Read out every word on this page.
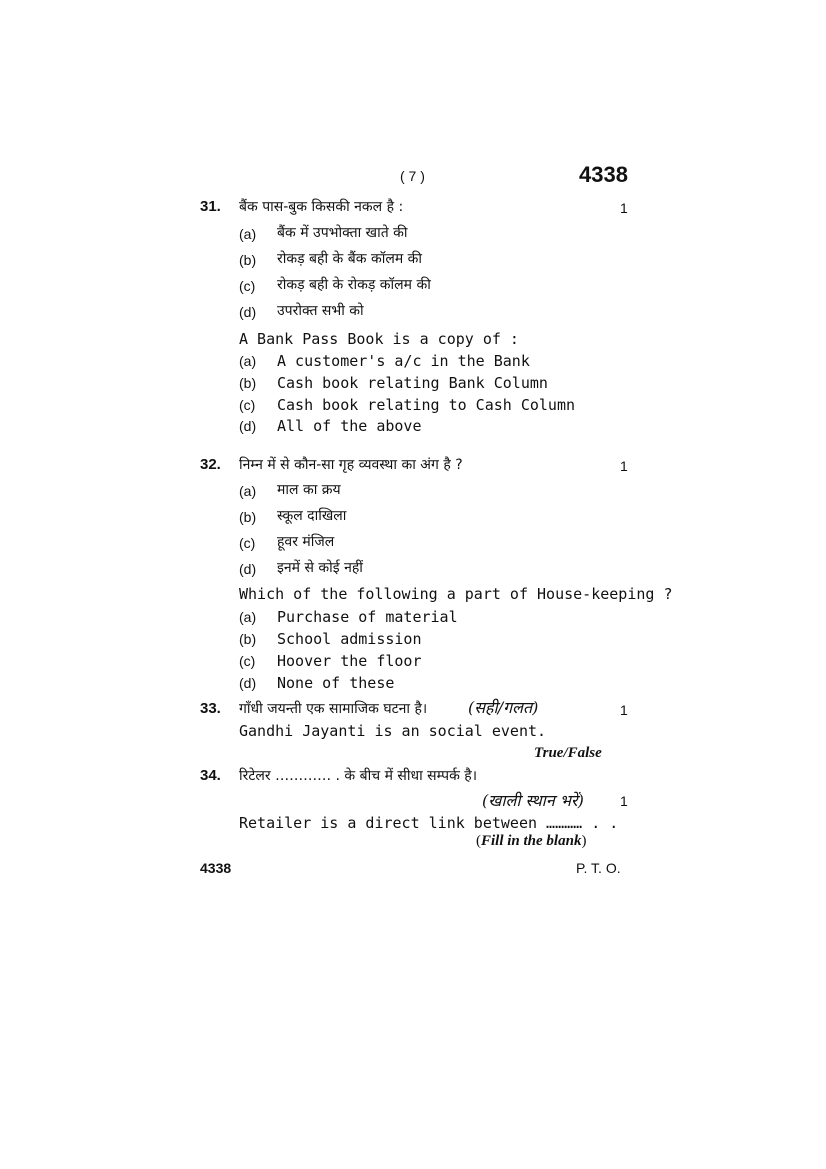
( 7 )	4338
31. बैंक पास-बुक किसकी नकल है :	1
(a) बैंक में उपभोक्ता खाते की
(b) रोकड़ बही के बैंक कॉलम की
(c) रोकड़ बही के रोकड़ कॉलम की
(d) उपरोक्त सभी को
A Bank Pass Book is a copy of :
(a) A customer's a/c in the Bank
(b) Cash book relating Bank Column
(c) Cash book relating to Cash Column
(d) All of the above
32. निम्न में से कौन-सा गृह व्यवस्था का अंग है ?	1
(a) माल का क्रय
(b) स्कूल दाखिला
(c) हूवर मंजिल
(d) इनमें से कोई नहीं
Which of the following a part of House-keeping ?
(a) Purchase of material
(b) School admission
(c) Hoover the floor
(d) None of these
33. गाँधी जयन्ती एक सामाजिक घटना है।	(सही/गलत)	1
Gandhi Jayanti is an social event.
True/False
34. रिटेलर ………… . के बीच में सीधा सम्पर्क है।
(खाली स्थान भरें)	1
Retailer is a direct link between ………… . .
(Fill in the blank)
4338	P. T. O.
